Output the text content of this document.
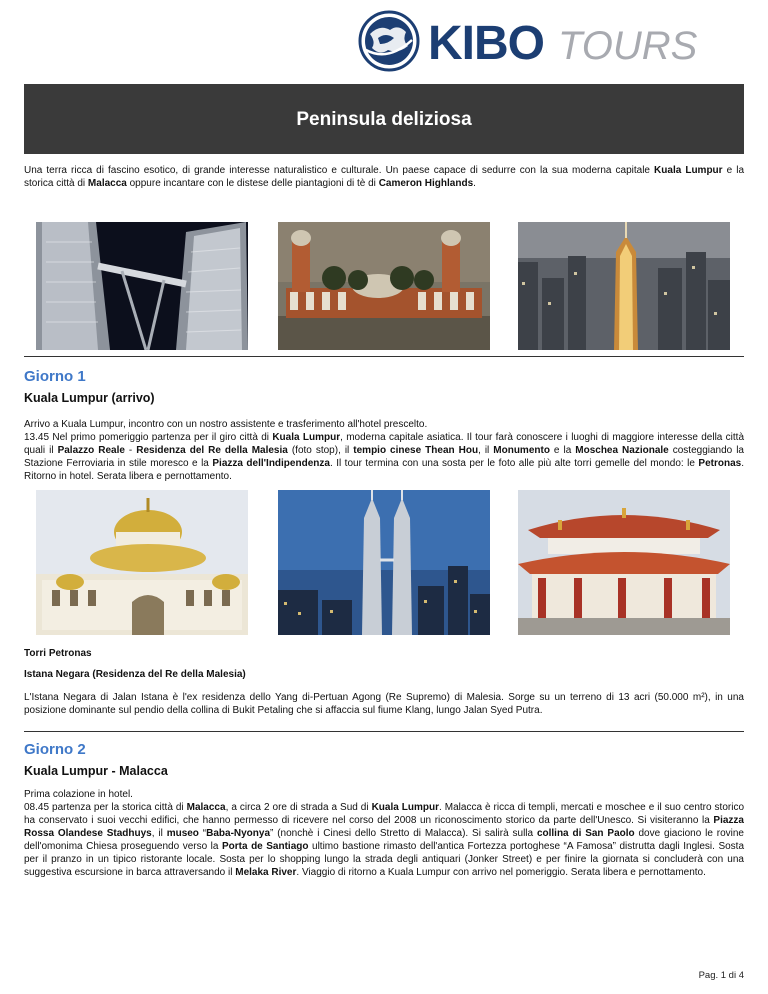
KIBO TOURS
Peninsula deliziosa
Una terra ricca di fascino esotico, di grande interesse naturalistico e culturale. Un paese capace di sedurre con la sua moderna capitale Kuala Lumpur e la storica città di Malacca oppure incantare con le distese delle piantagioni di tè di Cameron Highlands.
Giorno 1
Kuala Lumpur (arrivo)
Arrivo a Kuala Lumpur, incontro con un nostro assistente e trasferimento all'hotel prescelto.
13.45 Nel primo pomeriggio partenza per il giro città di Kuala Lumpur, moderna capitale asiatica. Il tour farà conoscere i luoghi di maggiore interesse della città quali il Palazzo Reale - Residenza del Re della Malesia (foto stop), il tempio cinese Thean Hou, il Monumento e la Moschea Nazionale costeggiando la Stazione Ferroviaria in stile moresco e la Piazza dell'Indipendenza. Il tour termina con una sosta per le foto alle più alte torri gemelle del mondo: le Petronas. Ritorno in hotel. Serata libera e pernottamento.
Torri Petronas
Istana Negara (Residenza del Re della Malesia)
L'Istana Negara di Jalan Istana è l'ex residenza dello Yang di-Pertuan Agong (Re Supremo) di Malesia. Sorge su un terreno di 13 acri (50.000 m²), in una posizione dominante sul pendio della collina di Bukit Petaling che si affaccia sul fiume Klang, lungo Jalan Syed Putra.
Giorno 2
Kuala Lumpur - Malacca
Prima colazione in hotel.
08.45 partenza per la storica città di Malacca, a circa 2 ore di strada a Sud di Kuala Lumpur. Malacca è ricca di templi, mercati e moschee e il suo centro storico ha conservato i suoi vecchi edifici, che hanno permesso di ricevere nel corso del 2008 un riconoscimento storico da parte dell'Unesco. Si visiteranno la Piazza Rossa Olandese Stadhuys, il museo “Baba-Nyonya” (nonchè i Cinesi dello Stretto di Malacca). Si salirà sulla collina di San Paolo dove giaciono le rovine dell'omonima Chiesa proseguendo verso la Porta de Santiago ultimo bastione rimasto dell'antica Fortezza portoghese “A Famosa” distrutta dagli Inglesi. Sosta per il pranzo in un tipico ristorante locale. Sosta per lo shopping lungo la strada degli antiquari (Jonker Street) e per finire la giornata si concluderà con una suggestiva escursione in barca attraversando il Melaka River. Viaggio di ritorno a Kuala Lumpur con arrivo nel pomeriggio. Serata libera e pernottamento.
Pag. 1 di 4
